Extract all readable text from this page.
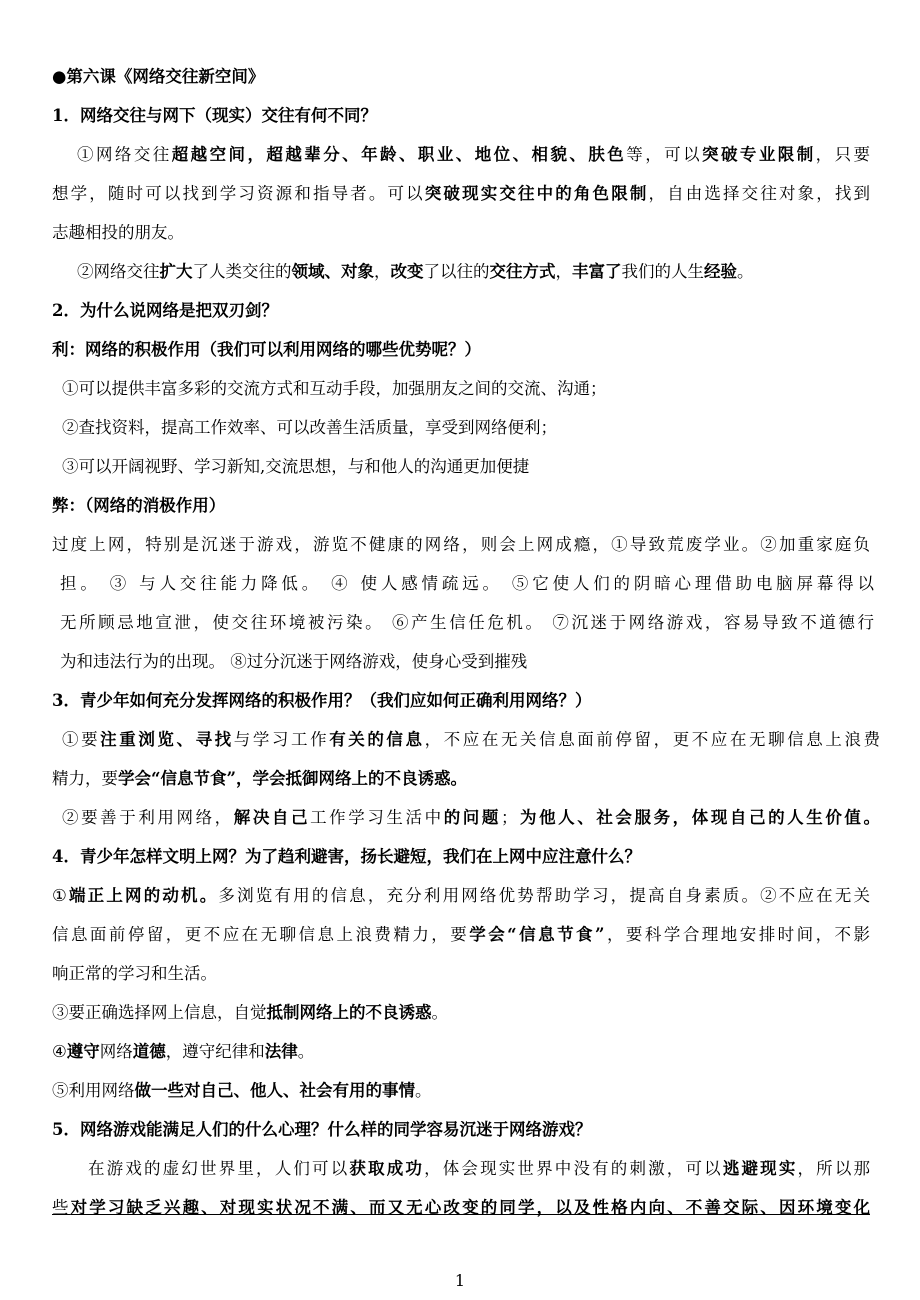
●第六课《网络交往新空间》
1．网络交往与网下（现实）交往有何不同？
①网络交往超越空间，超越辈分、年龄、职业、地位、相貌、肤色等，可以突破专业限制，只要
想学，随时可以找到学习资源和指导者。可以突破现实交往中的角色限制，自由选择交往对象，找到
志趣相投的朋友。
②网络交往扩大了人类交往的领域、对象，改变了以往的交往方式，丰富了我们的人生经验。
2．为什么说网络是把双刃剑？
利：网络的积极作用（我们可以利用网络的哪些优势呢？）
①可以提供丰富多彩的交流方式和互动手段，加强朋友之间的交流、沟通；
②查找资料，提高工作效率、可以改善生活质量，享受到网络便利；
③可以开阔视野、学习新知,交流思想，与和他人的沟通更加便捷
弊：（网络的消极作用）
过度上网，特别是沉迷于游戏，游览不健康的网络，则会上网成瘾，①导致荒废学业。②加重家庭负
担。 ③ 与人交往能力降低。 ④ 使人感情疏远。 ⑤它使人们的阴暗心理借助电脑屏幕得以
无所顾忌地宣泄，使交往环境被污染。 ⑥产生信任危机。 ⑦沉迷于网络游戏，容易导致不道德行
为和违法行为的出现。 ⑧过分沉迷于网络游戏，使身心受到摧残
3．青少年如何充分发挥网络的积极作用？（我们应如何正确利用网络？）
①要注重浏览、寻找与学习工作有关的信息，不应在无关信息面前停留，更不应在无聊信息上浪费
精力，要学会“信息节食”，学会抵御网络上的不良诱惑。
②要善于利用网络，解决自己工作学习生活中的问题；为他人、社会服务，体现自己的人生价值。
4．青少年怎样文明上网？为了趋利避害，扬长避短，我们在上网中应注意什么？
①端正上网的动机。多浏览有用的信息，充分利用网络优势帮助学习，提高自身素质。②不应在无关
信息面前停留，更不应在无聊信息上浪费精力，要学会“信息节食”，要科学合理地安排时间，不影
响正常的学习和生活。
③要正确选择网上信息，自觉抵制网络上的不良诱惑。
④遵守网络道德，遵守纪律和法律。
⑤利用网络做一些对自己、他人、社会有用的事情。
5．网络游戏能满足人们的什么心理？什么样的同学容易沉迷于网络游戏？
在游戏的虚幻世界里，人们可以获取成功，体会现实世界中没有的刺激，可以逃避现实，所以那
些对学习缺乏兴趣、对现实状况不满、而又无心改变的同学，以及性格内向、不善交际、因环境变化
1
